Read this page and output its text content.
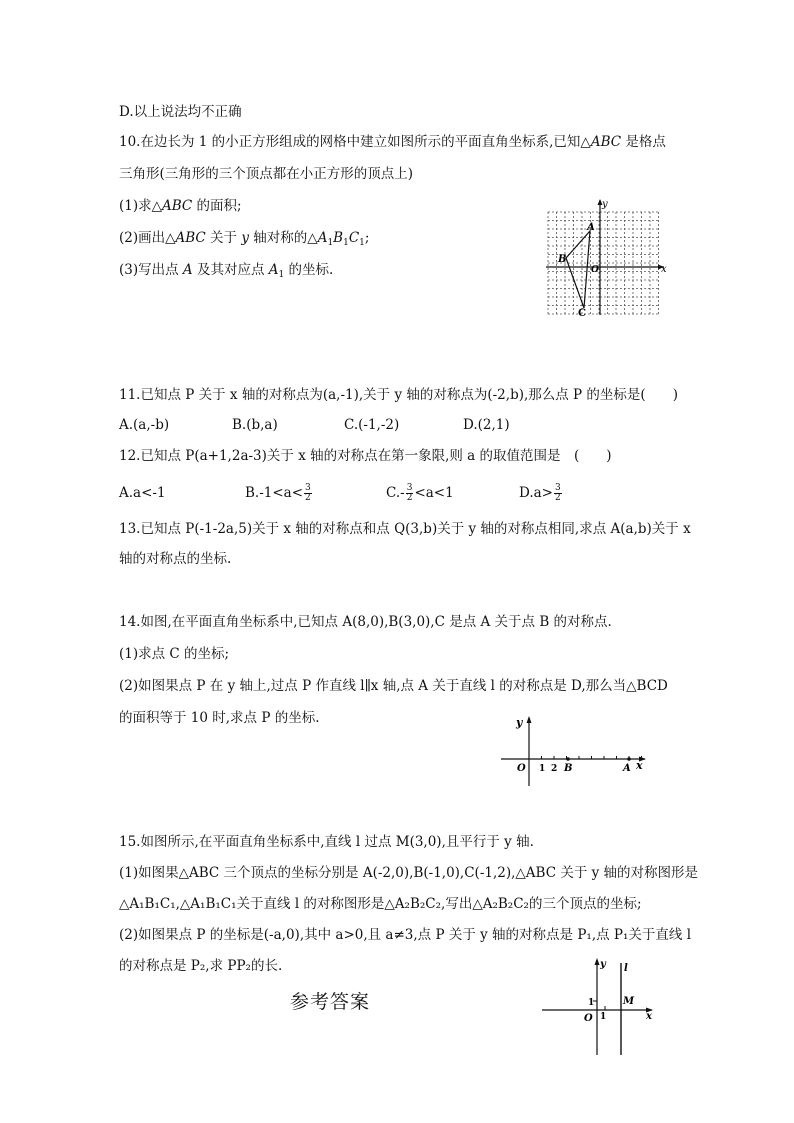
D.以上说法均不正确
10.在边长为 1 的小正方形组成的网格中建立如图所示的平面直角坐标系,已知△ABC 是格点
三角形(三角形的三个顶点都在小正方形的顶点上)
(1)求△ABC 的面积;
(2)画出△ABC 关于 y 轴对称的$\triangle A_1B_1C_1$;
(3)写出点 A 及其对应点 $A_1$ 的坐标.
y
x
O
A
B
C
11.已知点 P 关于 x 轴的对称点为(a,-1),关于 y 轴的对称点为(-2,b),那么点 P 的坐标是(　　)
A.(a,-b)	B.(b,a)	C.(-1,-2)	D.(2,1)
12.已知点 P(a+1,2a-3)关于 x 轴的对称点在第一象限,则 a 的取值范围是　(　　)
A.a<-1	$B.-1<a< \frac{3}{2}$	$C.- \frac{3}{2} <a<1$	$D.a> \frac{3}{2}$
13.已知点 P(-1-2a,5)关于 x 轴的对称点和点 Q(3,b)关于 y 轴的对称点相同,求点 A(a,b)关于 x
轴的对称点的坐标.
14.如图,在平面直角坐标系中,已知点 A(8,0),B(3,0),C 是点 A 关于点 B 的对称点.
(1)求点 C 的坐标;
(2)如图果点 P 在 y 轴上,过点 P 作直线 l∥x 轴,点 A 关于直线 l 的对称点是 D,那么当△BCD
的面积等于 10 时,求点 P 的坐标.	y
x
O 1 2 B	A
15.如图所示,在平面直角坐标系中,直线 l 过点 M(3,0),且平行于 y 轴.
(1)如图果△ABC 三个顶点的坐标分别是 A(-2,0),B(-1,0),C(-1,2),△ABC 关于 y 轴的对称图形是
△A₁B₁C₁,△A₁B₁C₁关于直线 l 的对称图形是△A₂B₂C₂,写出△A₂B₂C₂的三个顶点的坐标;
(2)如图果点 P 的坐标是(-a,0),其中 a>0,且 a≠3,点 P 关于 y 轴的对称点是 P₁,点 P₁关于直线 l
的对称点是 P₂,求 PP₂的长.
参考答案
y l
x
O 1
1	M
